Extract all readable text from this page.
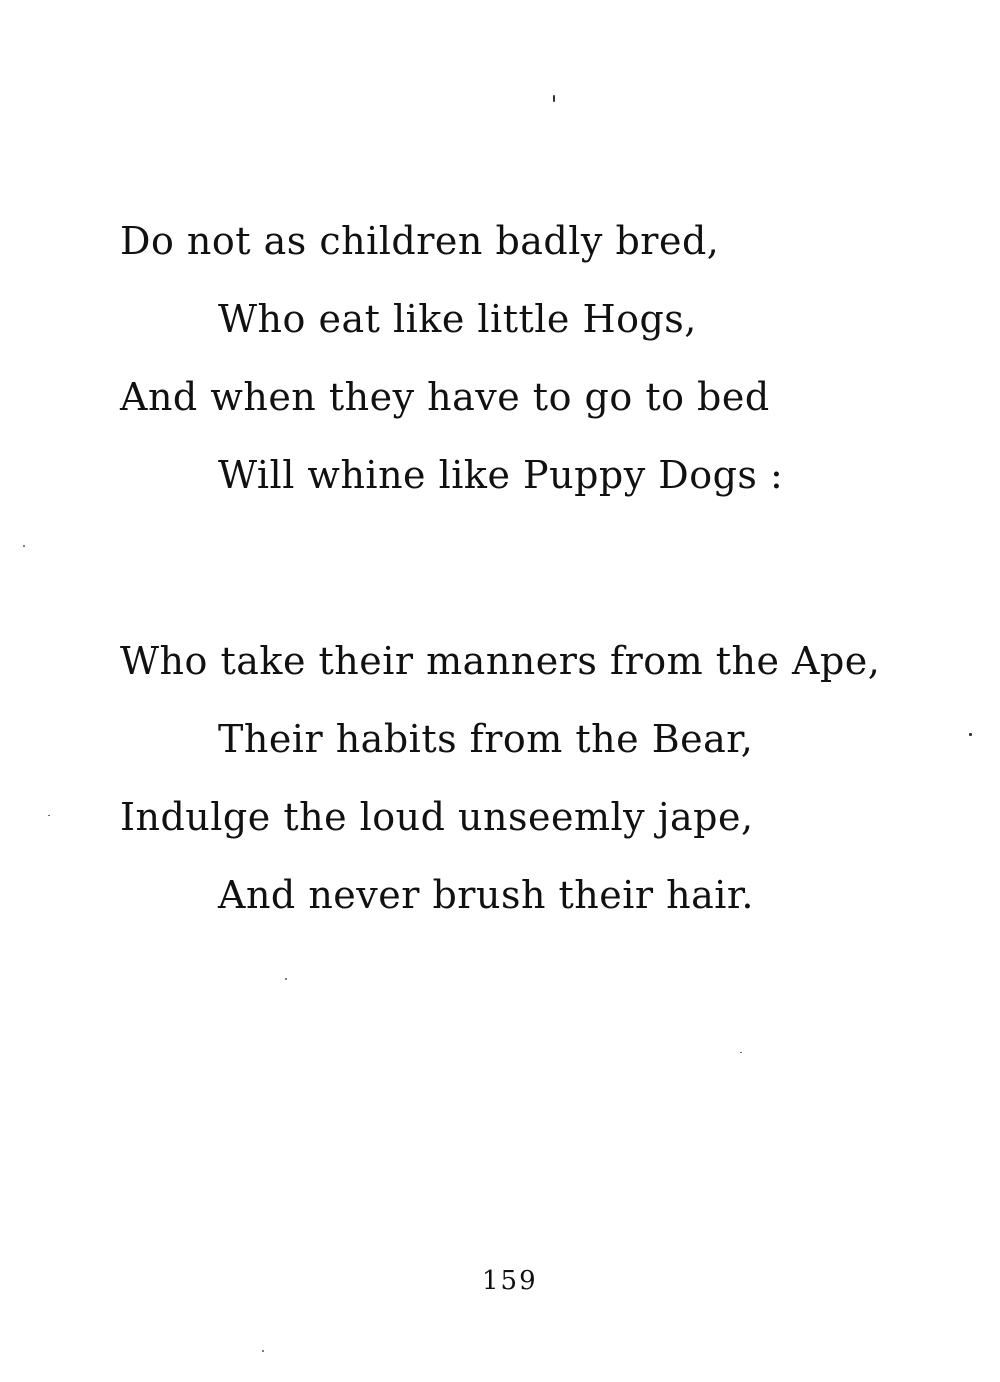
Do not as children badly bred,
Who eat like little Hogs,
And when they have to go to bed
Will whine like Puppy Dogs :
Who take their manners from the Ape,
Their habits from the Bear,
Indulge the loud unseemly jape,
And never brush their hair.
159
